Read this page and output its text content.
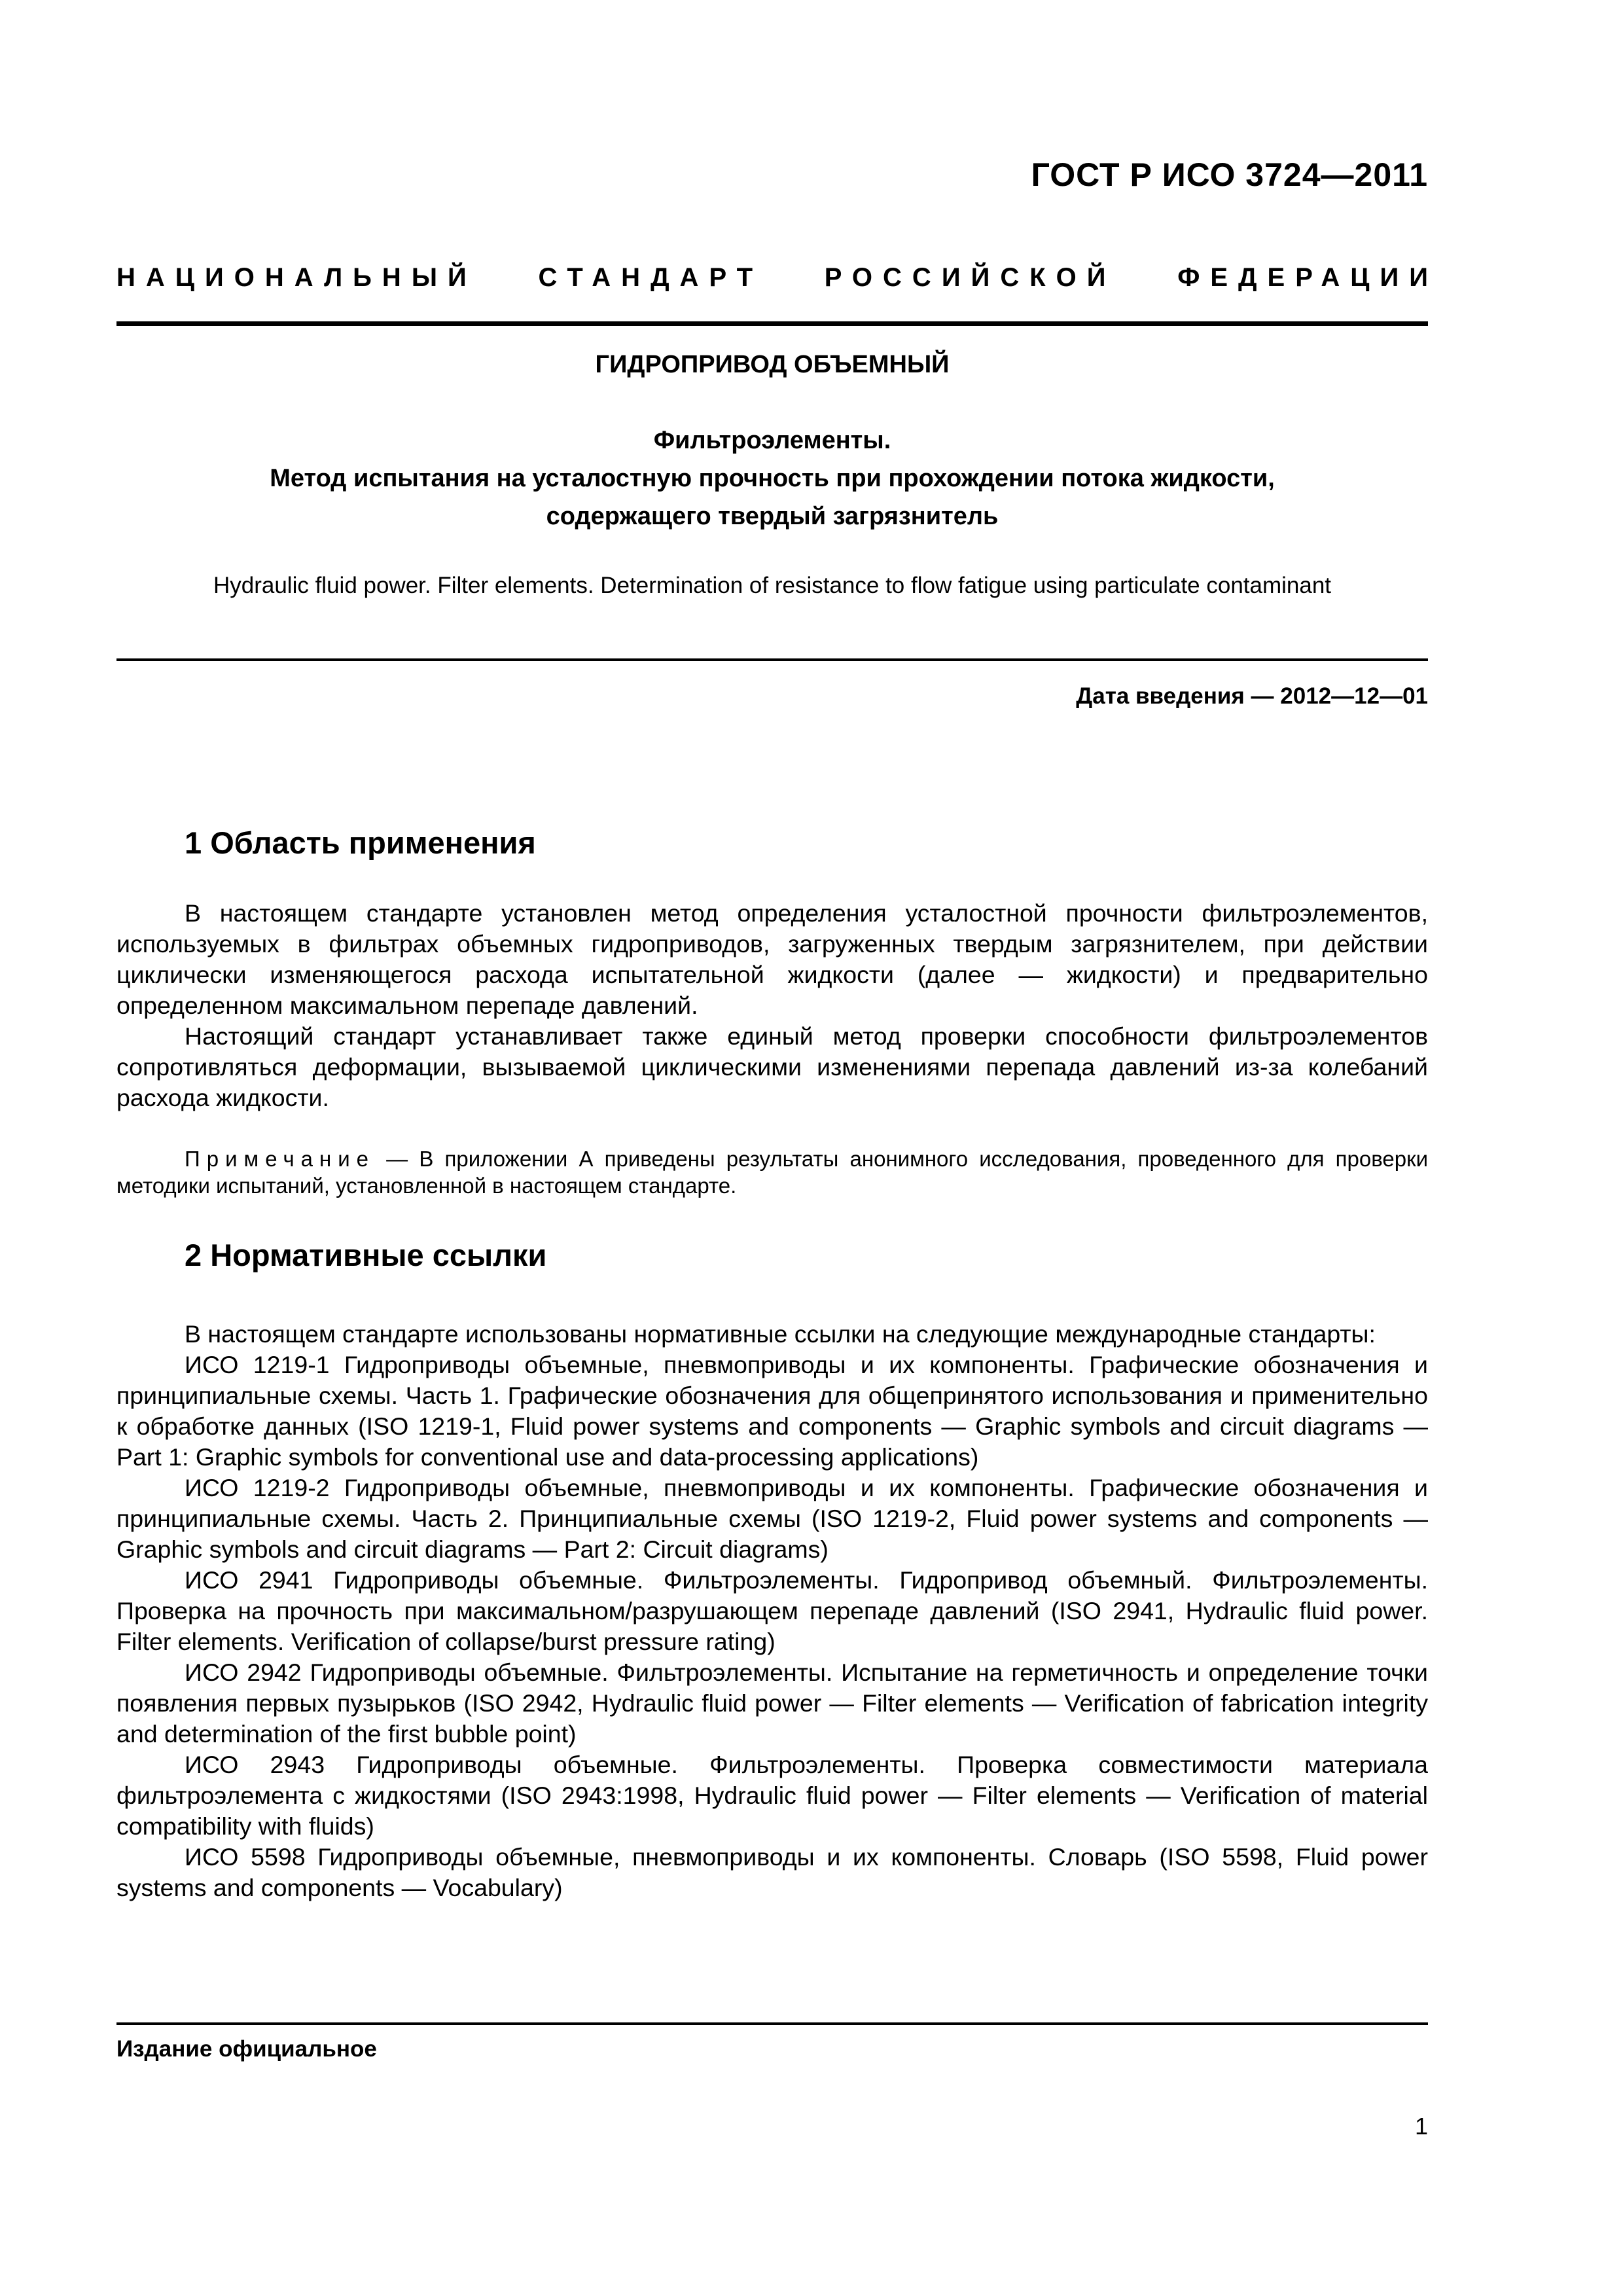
ГОСТ Р ИСО 3724—2011
НАЦИОНАЛЬНЫЙ СТАНДАРТ РОССИЙСКОЙ ФЕДЕРАЦИИ
ГИДРОПРИВОД ОБЪЕМНЫЙ
Фильтроэлементы.
Метод испытания на усталостную прочность при прохождении потока жидкости,
содержащего твердый загрязнитель
Hydraulic fluid power. Filter elements. Determination of resistance to flow fatigue using particulate contaminant
Дата введения — 2012—12—01
1 Область применения

В настоящем стандарте установлен метод определения усталостной прочности фильтроэлементов, используемых в фильтрах объемных гидроприводов, загруженных твердым загрязнителем, при действии циклически изменяющегося расхода испытательной жидкости (далее — жидкости) и предварительно определенном максимальном перепаде давлений.

Настоящий стандарт устанавливает также единый метод проверки способности фильтроэлементов сопротивляться деформации, вызываемой циклическими изменениями перепада давлений из-за колебаний расхода жидкости.

Примечание — В приложении А приведены результаты анонимного исследования, проведенного для проверки методики испытаний, установленной в настоящем стандарте.
2 Нормативные ссылки

В настоящем стандарте использованы нормативные ссылки на следующие международные стандарты:

ИСО 1219-1 Гидроприводы объемные, пневмоприводы и их компоненты. Графические обозначения и принципиальные схемы. Часть 1. Графические обозначения для общепринятого использования и применительно к обработке данных (ISO 1219-1, Fluid power systems and components — Graphic symbols and circuit diagrams — Part 1: Graphic symbols for conventional use and data-processing applications)

ИСО 1219-2 Гидроприводы объемные, пневмоприводы и их компоненты. Графические обозначения и принципиальные схемы. Часть 2. Принципиальные схемы (ISO 1219-2, Fluid power systems and components — Graphic symbols and circuit diagrams — Part 2: Circuit diagrams)

ИСО 2941 Гидроприводы объемные. Фильтроэлементы. Гидропривод объемный. Фильтроэлементы. Проверка на прочность при максимальном/разрушающем перепаде давлений (ISO 2941, Hydraulic fluid power. Filter elements. Verification of collapse/burst pressure rating)

ИСО 2942 Гидроприводы объемные. Фильтроэлементы. Испытание на герметичность и определение точки появления первых пузырьков (ISO 2942, Hydraulic fluid power — Filter elements — Verification of fabrication integrity and determination of the first bubble point)

ИСО 2943 Гидроприводы объемные. Фильтроэлементы. Проверка совместимости материала фильтроэлемента с жидкостями (ISO 2943:1998, Hydraulic fluid power — Filter elements — Verification of material compatibility with fluids)

ИСО 5598 Гидроприводы объемные, пневмоприводы и их компоненты. Словарь (ISO 5598, Fluid power systems and components — Vocabulary)

Издание официальное
1
